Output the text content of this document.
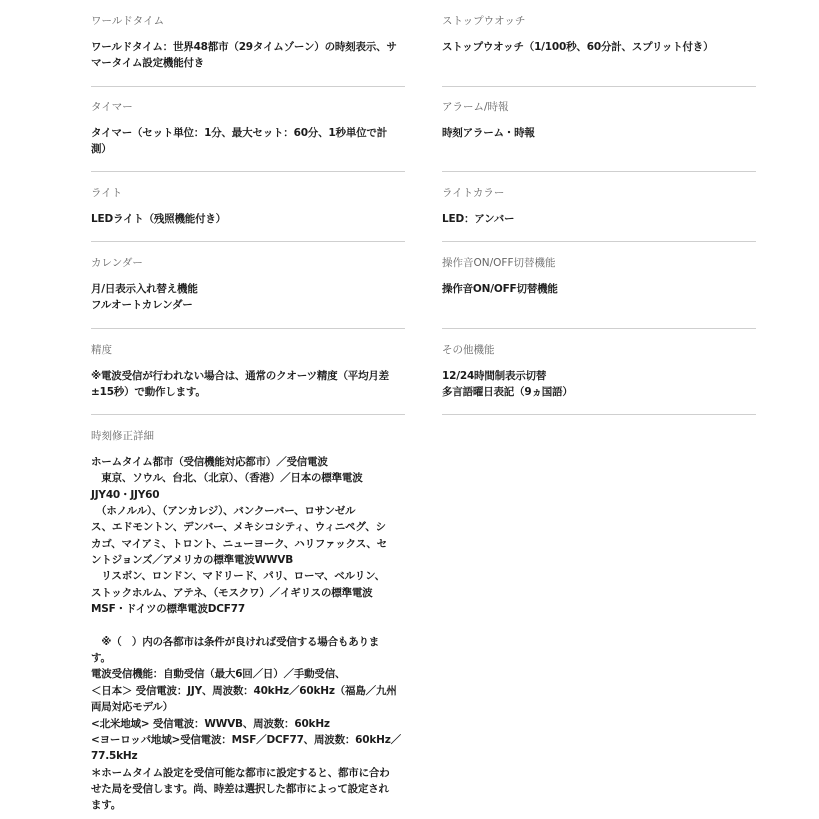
ワールドタイム
ワールドタイム：世界48都市（29タイムゾーン）の時刻表示、サ
マータイム設定機能付き
タイマー
タイマー（セット単位：1分、最大セット：60分、1秒単位で計
測）
ライト
LEDライト（残照機能付き）
カレンダー
月/日表示入れ替え機能
フルオートカレンダー
精度
※電波受信が行われない場合は、通常のクオーツ精度（平均月差
±15秒）で動作します。
時刻修正詳細
ホームタイム都市（受信機能対応都市）／受信電波
　東京、ソウル、台北、（北京）、（香港）／日本の標準電波
JJY40・JJY60
　（ホノルル）、（アンカレジ）、バンクーバー、ロサンゼル
ス、エドモントン、デンバー、メキシコシティ、ウィニペグ、シ
カゴ、マイアミ、トロント、ニューヨーク、ハリファックス、セ
ントジョンズ／アメリカの標準電波WWVB
　リスボン、ロンドン、マドリード、パリ、ローマ、ベルリン、
ストックホルム、アテネ、（モスクワ）／イギリスの標準電波
MSF・ドイツの標準電波DCF77

　※（　）内の各都市は条件が良ければ受信する場合もありま
す。
電波受信機能：自動受信（最大6回／日）／手動受信、
＜日本＞ 受信電波：JJY、周波数：40kHz／60kHz（福島／九州
両局対応モデル）
<北米地域> 受信電波：WWVB、周波数：60kHz
<ヨーロッパ地域>受信電波：MSF／DCF77、周波数：60kHz／
77.5kHz
＊ホームタイム設定を受信可能な都市に設定すると、都市に合わ
せた局を受信します。尚、時差は選択した都市によって設定され
ます。
ストップウオッチ
ストップウオッチ（1/100秒、60分計、スプリット付き）
アラーム/時報
時刻アラーム・時報
ライトカラー
LED：アンバー
操作音ON/OFF切替機能
操作音ON/OFF切替機能
その他機能
12/24時間制表示切替
多言語曜日表記（9ヵ国語）
